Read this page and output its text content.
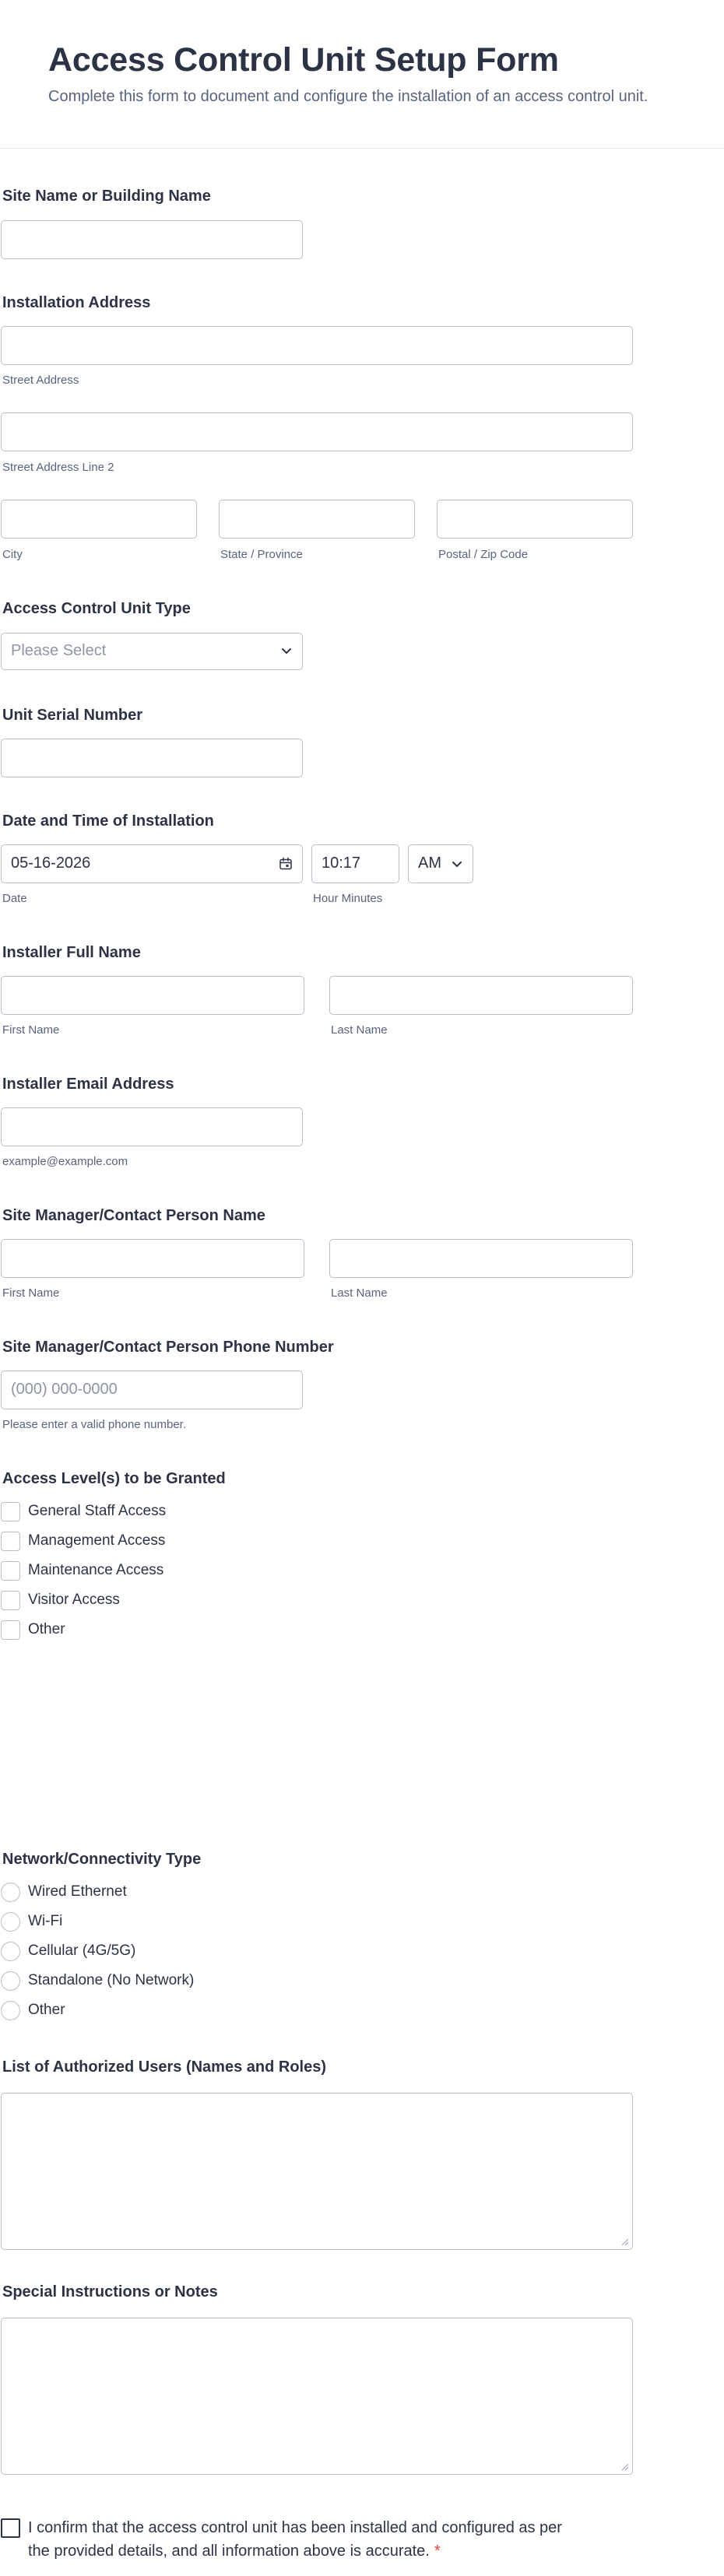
Access Control Unit Setup Form

Complete this form to document and configure the installation of an access control unit.

Site Name or Building Name
Installation Address
Street Address
Street Address Line 2
City	State / Province	Postal / Zip Code
Access Control Unit Type
Please Select
Unit Serial Number
Date and Time of Installation
05-16-2026
Date
10:17	AM
Hour Minutes
Installer Full Name
First Name	Last Name
Installer Email Address
example@example.com
Site Manager/Contact Person Name
First Name	Last Name
Site Manager/Contact Person Phone Number
(000) 000-0000
Please enter a valid phone number.
Access Level(s) to be Granted
General Staff Access
Management Access
Maintenance Access
Visitor Access
Other
Network/Connectivity Type
Wired Ethernet
Wi-Fi
Cellular (4G/5G)
Standalone (No Network)
Other
List of Authorized Users (Names and Roles)
Special Instructions or Notes
I confirm that the access control unit has been installed and configured as per the provided details, and all information above is accurate. *
